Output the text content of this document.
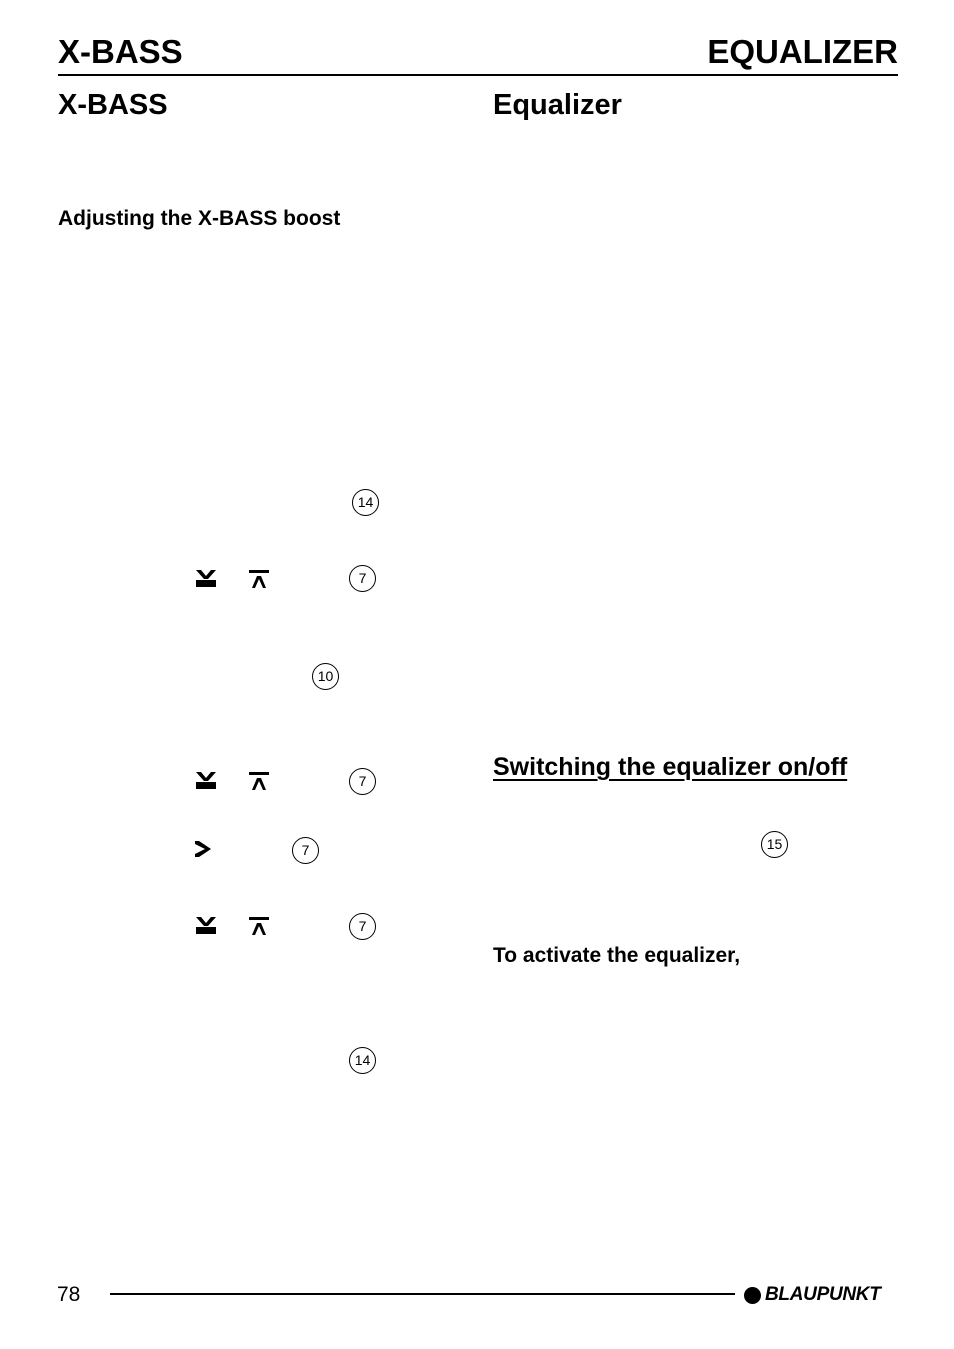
X-BASS	EQUALIZER
X-BASS	Equalizer
Adjusting the X-BASS boost
14
7
10
7
7
7
14
Switching the equalizer on/off
15
To activate the equalizer,
78	BLAUPUNKT
